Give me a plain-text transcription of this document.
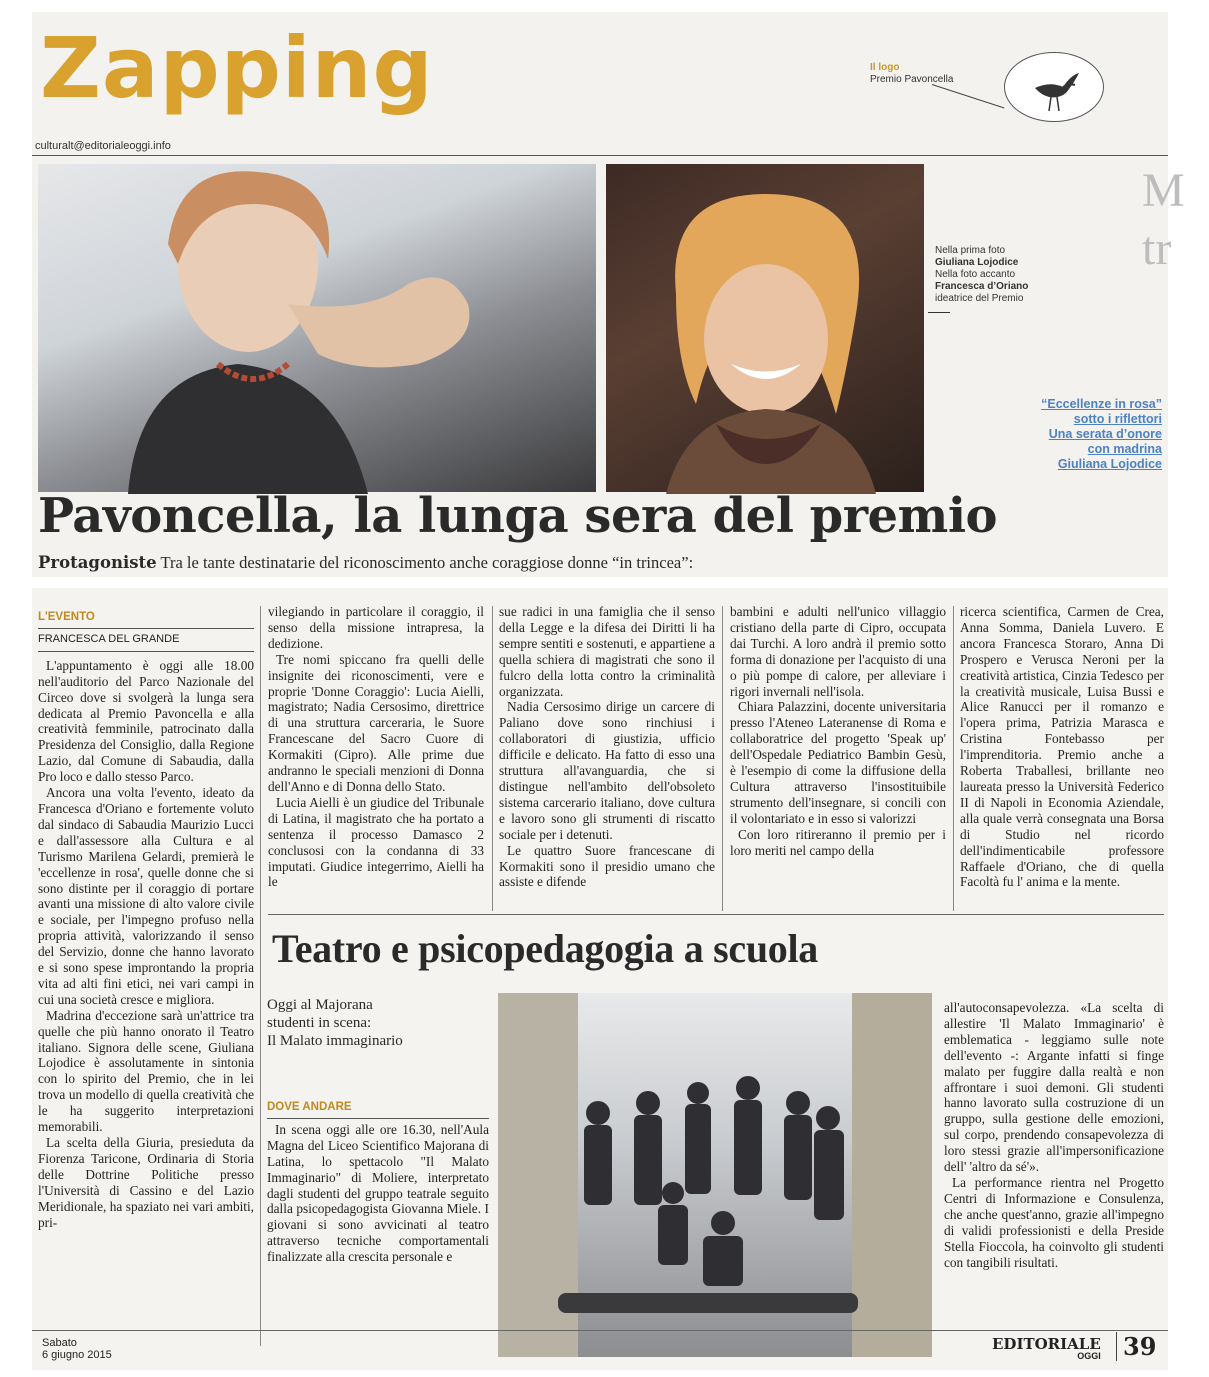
Zapping
culturalt@editorialeoggi.info
Il logo
Premio Pavoncella
M
tr
Nella prima foto
Giuliana Lojodice
Nella foto accanto
Francesca d’Oriano
ideatrice del Premio
“Eccellenze in rosa”
sotto i riflettori
Una serata d’onore
con madrina
Giuliana Lojodice
Pavoncella, la lunga sera del premio
Protagoniste Tra le tante destinatarie del riconoscimento anche coraggiose donne “in trincea”:
L'EVENTO
FRANCESCA DEL GRANDE

L'appuntamento è oggi alle 18.00 nell'auditorio del Parco Nazionale del Circeo dove si svolgerà la lunga sera dedicata al Premio Pavoncella e alla creatività femminile, patrocinato dalla Presidenza del Consiglio, dalla Regione Lazio, dal Comune di Sabaudia, dalla Pro loco e dallo stesso Parco.

Ancora una volta l'evento, ideato da Francesca d'Oriano e fortemente voluto dal sindaco di Sabaudia Maurizio Lucci e dall'assessore alla Cultura e al Turismo Marilena Gelardi, premierà le 'eccellenze in rosa', quelle donne che si sono distinte per il coraggio di portare avanti una missione di alto valore civile e sociale, per l'impegno profuso nella propria attività, valorizzando il senso del Servizio, donne che hanno lavorato e si sono spese improntando la propria vita ad alti fini etici, nei vari campi in cui una società cresce e migliora.

Madrina d'eccezione sarà un'attrice tra quelle che più hanno onorato il Teatro italiano. Signora delle scene, Giuliana Lojodice è assolutamente in sintonia con lo spirito del Premio, che in lei trova un modello di quella creatività che le ha suggerito interpretazioni memorabili.

La scelta della Giuria, presieduta da Fiorenza Taricone, Ordinaria di Storia delle Dottrine Politiche presso l'Università di Cassino e del Lazio Meridionale, ha spaziato nei vari ambiti, pri-

vilegiando in particolare il coraggio, il senso della missione intrapresa, la dedizione.

Tre nomi spiccano fra quelli delle insignite dei riconoscimenti, vere e proprie 'Donne Coraggio': Lucia Aielli, magistrato; Nadia Cersosimo, direttrice di una struttura carceraria, le Suore Francescane del Sacro Cuore di Kormakiti (Cipro). Alle prime due andranno le speciali menzioni di Donna dell'Anno e di Donna dello Stato.

Lucia Aielli è un giudice del Tribunale di Latina, il magistrato che ha portato a sentenza il processo Damasco 2 conclusosi con la condanna di 33 imputati. Giudice integerrimo, Aielli ha le

sue radici in una famiglia che il senso della Legge e la difesa dei Diritti li ha sempre sentiti e sostenuti, e appartiene a quella schiera di magistrati che sono il fulcro della lotta contro la criminalità organizzata.

Nadia Cersosimo dirige un carcere di Paliano dove sono rinchiusi i collaboratori di giustizia, ufficio difficile e delicato. Ha fatto di esso una struttura all'avanguardia, che si distingue nell'ambito dell'obsoleto sistema carcerario italiano, dove cultura e lavoro sono gli strumenti di riscatto sociale per i detenuti.

Le quattro Suore francescane di Kormakiti sono il presidio umano che assiste e difende

bambini e adulti nell'unico villaggio cristiano della parte di Cipro, occupata dai Turchi. A loro andrà il premio sotto forma di donazione per l'acquisto di una o più pompe di calore, per alleviare i rigori invernali nell'isola.

Chiara Palazzini, docente universitaria presso l'Ateneo Lateranense di Roma e collaboratrice del progetto 'Speak up' dell'Ospedale Pediatrico Bambin Gesù, è l'esempio di come la diffusione della Cultura attraverso l'insostituibile strumento dell'insegnare, si concili con il volontariato e in esso si valorizzi

Con loro ritireranno il premio per i loro meriti nel campo della

ricerca scientifica, Carmen de Crea, Anna Somma, Daniela Luvero. E ancora Francesca Storaro, Anna Di Prospero e Verusca Neroni per la creatività artistica, Cinzia Tedesco per la creatività musicale, Luisa Bussi e Alice Ranucci per il romanzo e l'opera prima, Patrizia Marasca e Cristina Fontebasso per l'imprenditoria. Premio anche a Roberta Traballesi, brillante neo laureata presso la Università Federico II di Napoli in Economia Aziendale, alla quale verrà consegnata una Borsa di Studio nel ricordo dell'indimenticabile professore Raffaele d'Oriano, che di quella Facoltà fu l' anima e la mente.

Teatro e psicopedagogia a scuola
Oggi al Majorana
studenti in scena:
Il Malato immaginario
DOVE ANDARE

In scena oggi alle ore 16.30, nell'Aula Magna del Liceo Scientifico Majorana di Latina, lo spettacolo "Il Malato Immaginario" di Moliere, interpretato dagli studenti del gruppo teatrale seguito dalla psicopedagogista Giovanna Miele. I giovani si sono avvicinati al teatro attraverso tecniche comportamentali finalizzate alla crescita personale e

all'autoconsapevolezza. «La scelta di allestire 'Il Malato Immaginario' è emblematica - leggiamo sulle note dell'evento -: Argante infatti si finge malato per fuggire dalla realtà e non affrontare i suoi demoni. Gli studenti hanno lavorato sulla costruzione di un gruppo, sulla gestione delle emozioni, sul corpo, prendendo consapevolezza di loro stessi grazie all'impersonificazione dell' 'altro da sé'».

La performance rientra nel Progetto Centri di Informazione e Consulenza, che anche quest'anno, grazie all'impegno di validi professionisti e della Preside Stella Fioccola, ha coinvolto gli studenti con tangibili risultati.

Sabato
6 giugno 2015
EDITORIALE
OGGI 39
